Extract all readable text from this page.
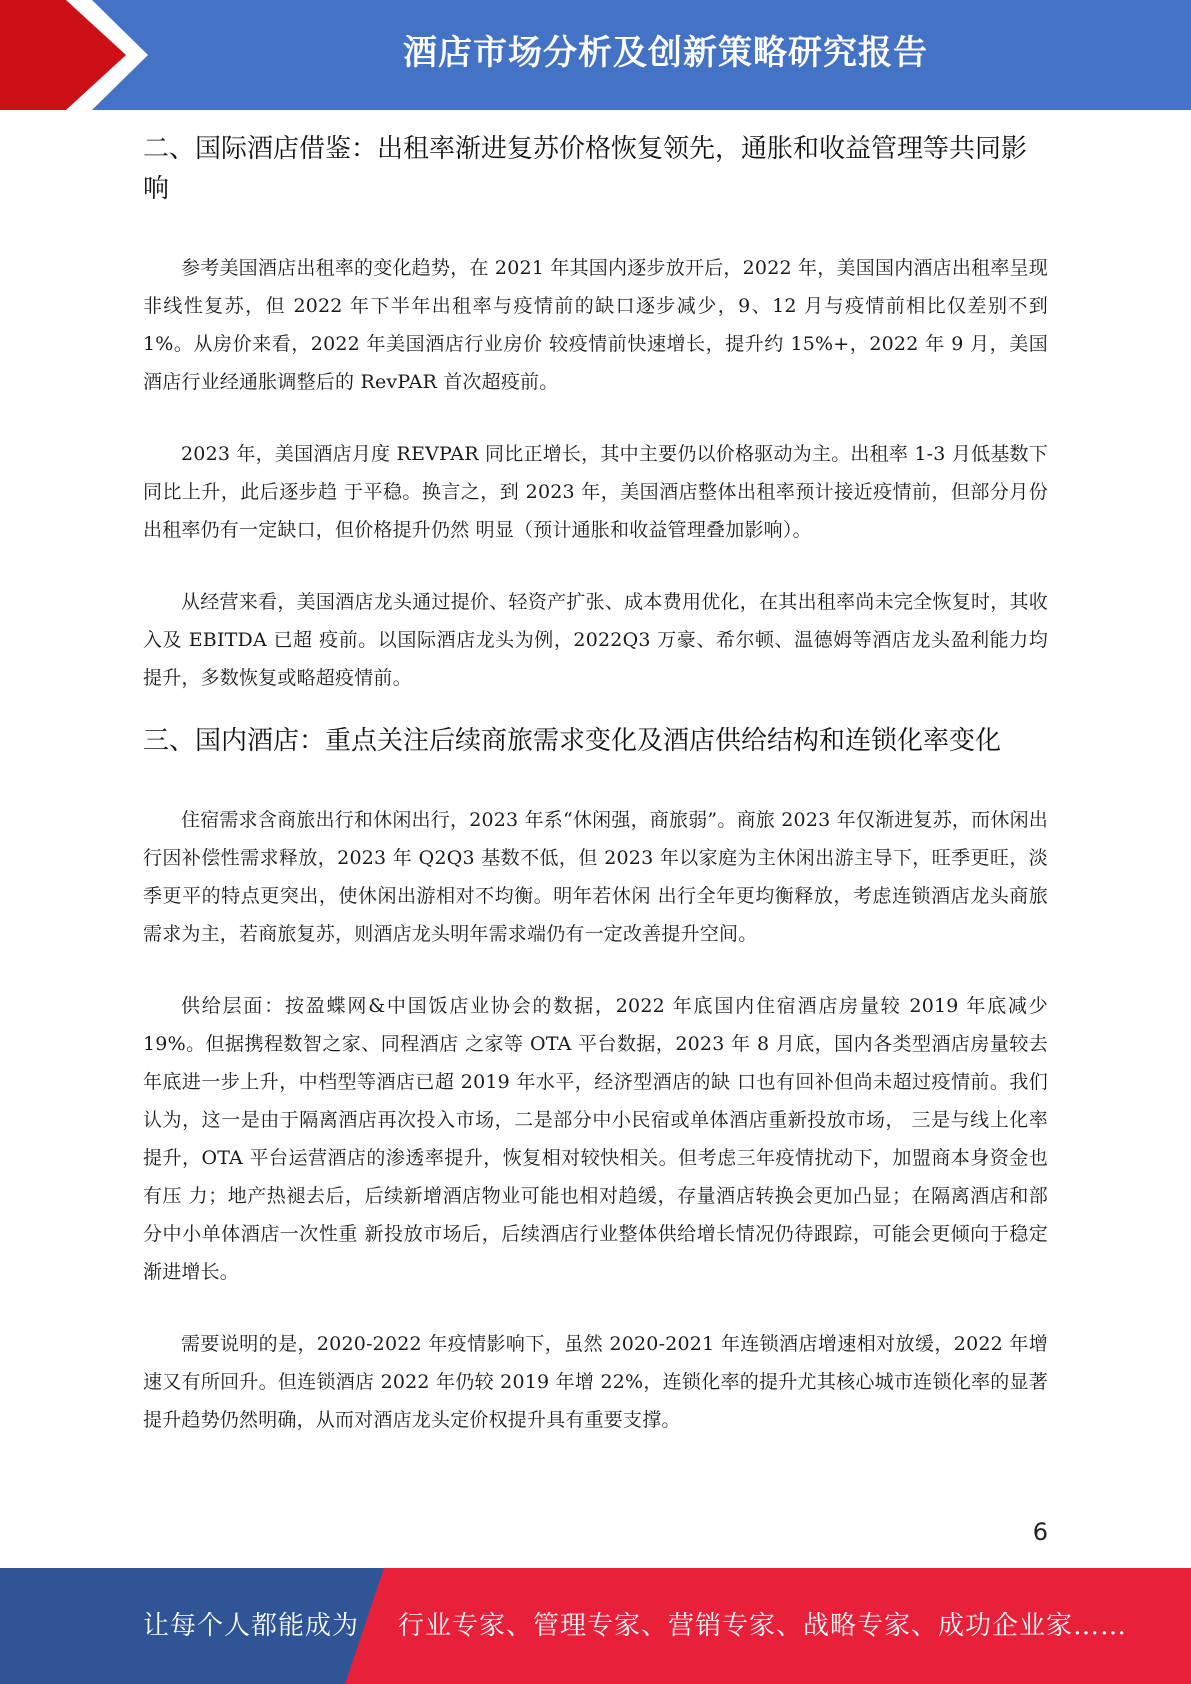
酒店市场分析及创新策略研究报告
二、国际酒店借鉴：出租率渐进复苏价格恢复领先，通胀和收益管理等共同影响

参考美国酒店出租率的变化趋势，在 2021 年其国内逐步放开后，2022 年，美国国内酒店出租率呈现非线性复苏，但 2022 年下半年出租率与疫情前的缺口逐步减少，9、12 月与疫情前相比仅差别不到 1%。从房价来看，2022 年美国酒店行业房价 较疫情前快速增长，提升约 15%+，2022 年 9 月，美国酒店行业经通胀调整后的 RevPAR 首次超疫前。

2023 年，美国酒店月度 REVPAR 同比正增长，其中主要仍以价格驱动为主。出租率 1-3 月低基数下同比上升，此后逐步趋 于平稳。换言之，到 2023 年，美国酒店整体出租率预计接近疫情前，但部分月份出租率仍有一定缺口，但价格提升仍然 明显（预计通胀和收益管理叠加影响）。

从经营来看，美国酒店龙头通过提价、轻资产扩张、成本费用优化，在其出租率尚未完全恢复时，其收入及 EBITDA 已超 疫前。以国际酒店龙头为例，2022Q3 万豪、希尔顿、温德姆等酒店龙头盈利能力均提升，多数恢复或略超疫情前。

三、国内酒店：重点关注后续商旅需求变化及酒店供给结构和连锁化率变化

住宿需求含商旅出行和休闲出行，2023 年系“休闲强，商旅弱”。商旅 2023 年仅渐进复苏，而休闲出行因补偿性需求释放，2023 年 Q2Q3 基数不低，但 2023 年以家庭为主休闲出游主导下，旺季更旺，淡季更平的特点更突出，使休闲出游相对不均衡。明年若休闲 出行全年更均衡释放，考虑连锁酒店龙头商旅需求为主，若商旅复苏，则酒店龙头明年需求端仍有一定改善提升空间。

供给层面：按盈蝶网&中国饭店业协会的数据，2022 年底国内住宿酒店房量较 2019 年底减少 19%。但据携程数智之家、同程酒店 之家等 OTA 平台数据，2023 年 8 月底，国内各类型酒店房量较去年底进一步上升，中档型等酒店已超 2019 年水平，经济型酒店的缺 口也有回补但尚未超过疫情前。我们认为，这一是由于隔离酒店再次投入市场，二是部分中小民宿或单体酒店重新投放市场， 三是与线上化率提升，OTA 平台运营酒店的渗透率提升，恢复相对较快相关。但考虑三年疫情扰动下，加盟商本身资金也有压 力；地产热褪去后，后续新增酒店物业可能也相对趋缓，存量酒店转换会更加凸显；在隔离酒店和部分中小单体酒店一次性重 新投放市场后，后续酒店行业整体供给增长情况仍待跟踪，可能会更倾向于稳定渐进增长。

需要说明的是，2020-2022 年疫情影响下，虽然 2020-2021 年连锁酒店增速相对放缓，2022 年增速又有所回升。但连锁酒店 2022 年仍较 2019 年增 22%，连锁化率的提升尤其核心城市连锁化率的显著提升趋势仍然明确，从而对酒店龙头定价权提升具有重要支撑。

6
让每个人都能成为 行业专家、管理专家、营销专家、战略专家、成功企业家……
